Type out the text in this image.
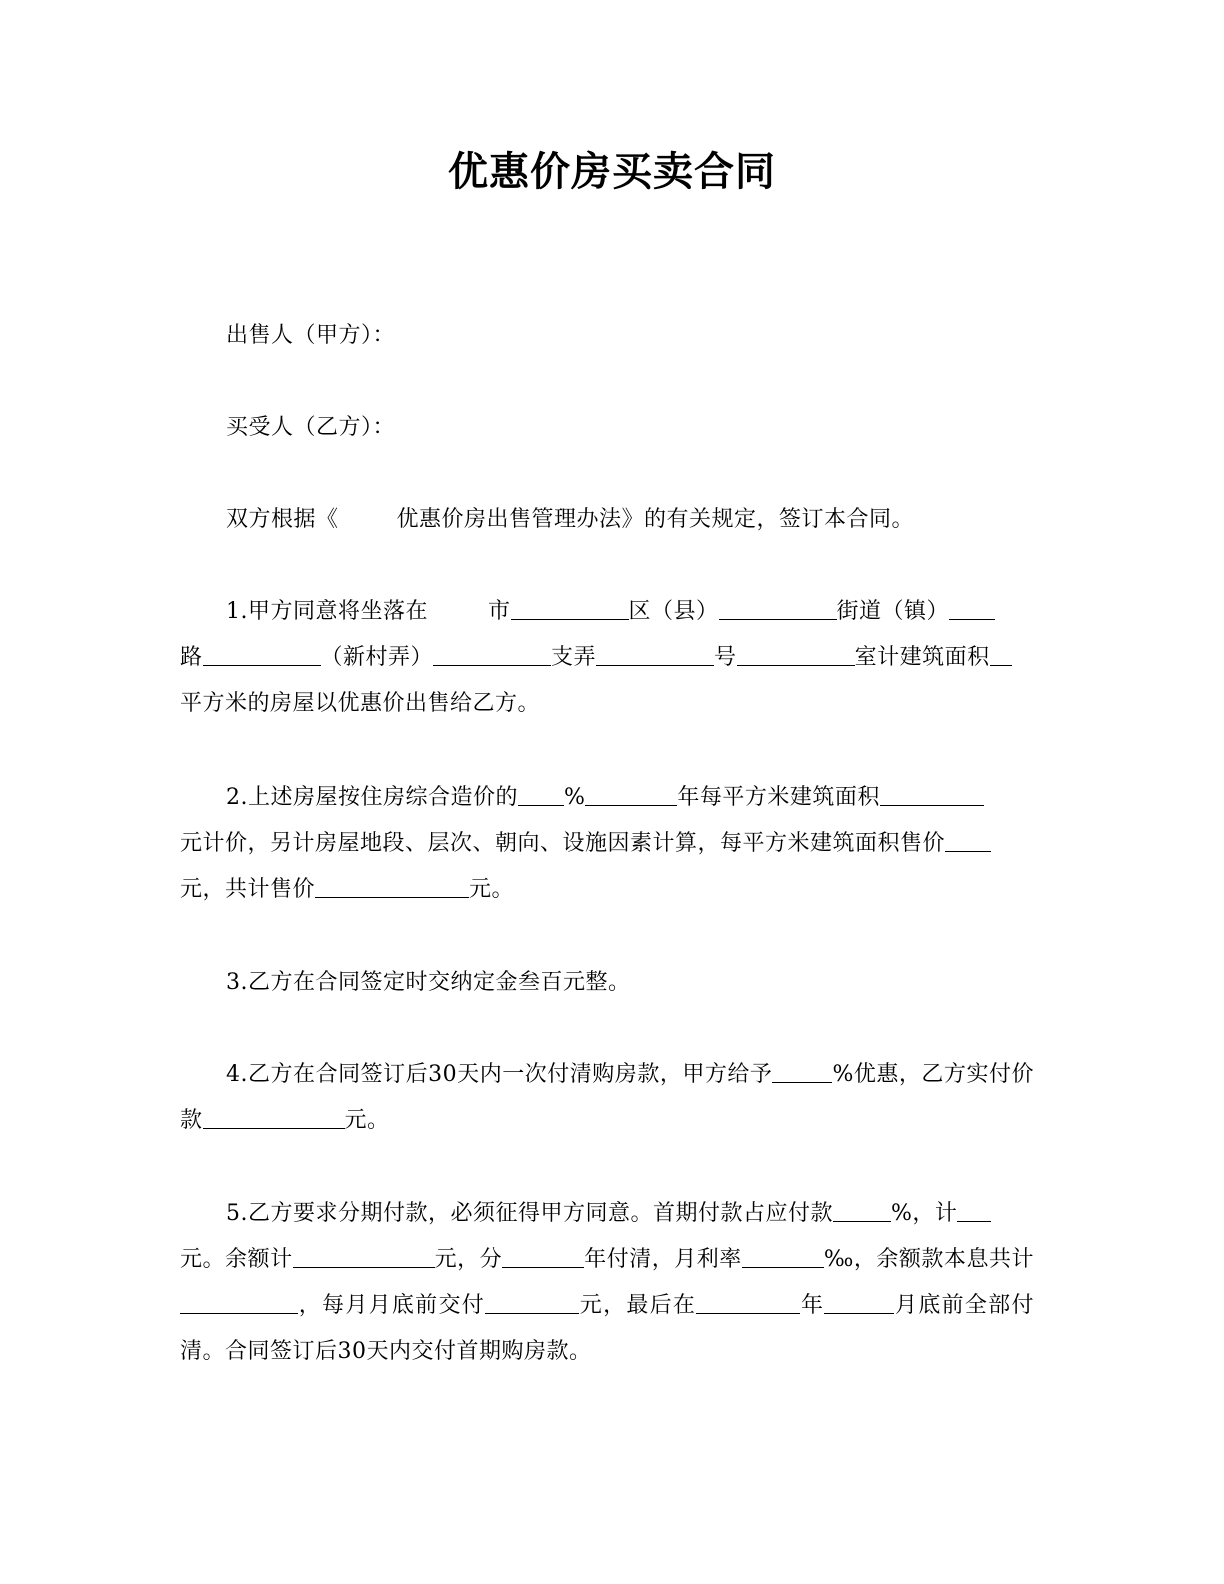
优惠价房买卖合同

出售人（甲方）：

买受人（乙方）：

双方根据《	优惠价房出售管理办法》的有关规定，签订本合同。

1.甲方同意将坐落在	市	区（县）	街道（镇）
路	（新村弄）	支弄	号	室计建筑面积
平方米的房屋以优惠价出售给乙方。

2.上述房屋按住房综合造价的 %	年每平方米建筑面积
元计价，另计房屋地段、层次、朝向、设施因素计算，每平方米建筑面积售价
元，共计售价	元。

3.乙方在合同签定时交纳定金叁百元整。

4.乙方在合同签订后30天内一次付清购房款，甲方给予	%优惠，乙方实付价款	元。

5.乙方要求分期付款，必须征得甲方同意。首期付款占应付款	%，计
元。余额计	元，分	年付清，月利率	‰，余额款本息共计，每月月底前交付	元，最后在	年	月底前全部付清。合同签订后30天内交付首期购房款。
